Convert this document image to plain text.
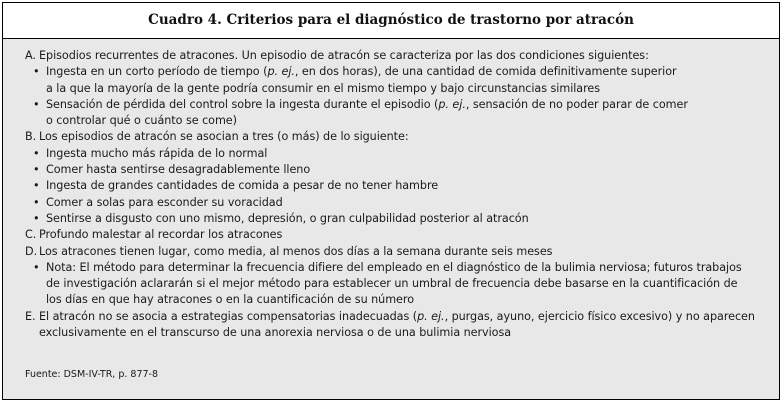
Cuadro 4. Criterios para el diagnóstico de trastorno por atracón
A. Episodios recurrentes de atracones. Un episodio de atracón se caracteriza por las dos condiciones siguientes:
• Ingesta en un corto período de tiempo (p. ej., en dos horas), de una cantidad de comida definitivamente superior
a la que la mayoría de la gente podría consumir en el mismo tiempo y bajo circunstancias similares
• Sensación de pérdida del control sobre la ingesta durante el episodio (p. ej., sensación de no poder parar de comer
o controlar qué o cuánto se come)
B. Los episodios de atracón se asocian a tres (o más) de lo siguiente:
• Ingesta mucho más rápida de lo normal
• Comer hasta sentirse desagradablemente lleno
• Ingesta de grandes cantidades de comida a pesar de no tener hambre
• Comer a solas para esconder su voracidad
• Sentirse a disgusto con uno mismo, depresión, o gran culpabilidad posterior al atracón
C. Profundo malestar al recordar los atracones
D. Los atracones tienen lugar, como media, al menos dos días a la semana durante seis meses
• Nota: El método para determinar la frecuencia difiere del empleado en el diagnóstico de la bulimia nerviosa; futuros trabajos
de investigación aclararán si el mejor método para establecer un umbral de frecuencia debe basarse en la cuantificación de
los días en que hay atracones o en la cuantificación de su número
E. El atracón no se asocia a estrategias compensatorias inadecuadas (p. ej., purgas, ayuno, ejercicio físico excesivo) y no aparecen
exclusivamente en el transcurso de una anorexia nerviosa o de una bulimia nerviosa
Fuente: DSM-IV-TR, p. 877-8
